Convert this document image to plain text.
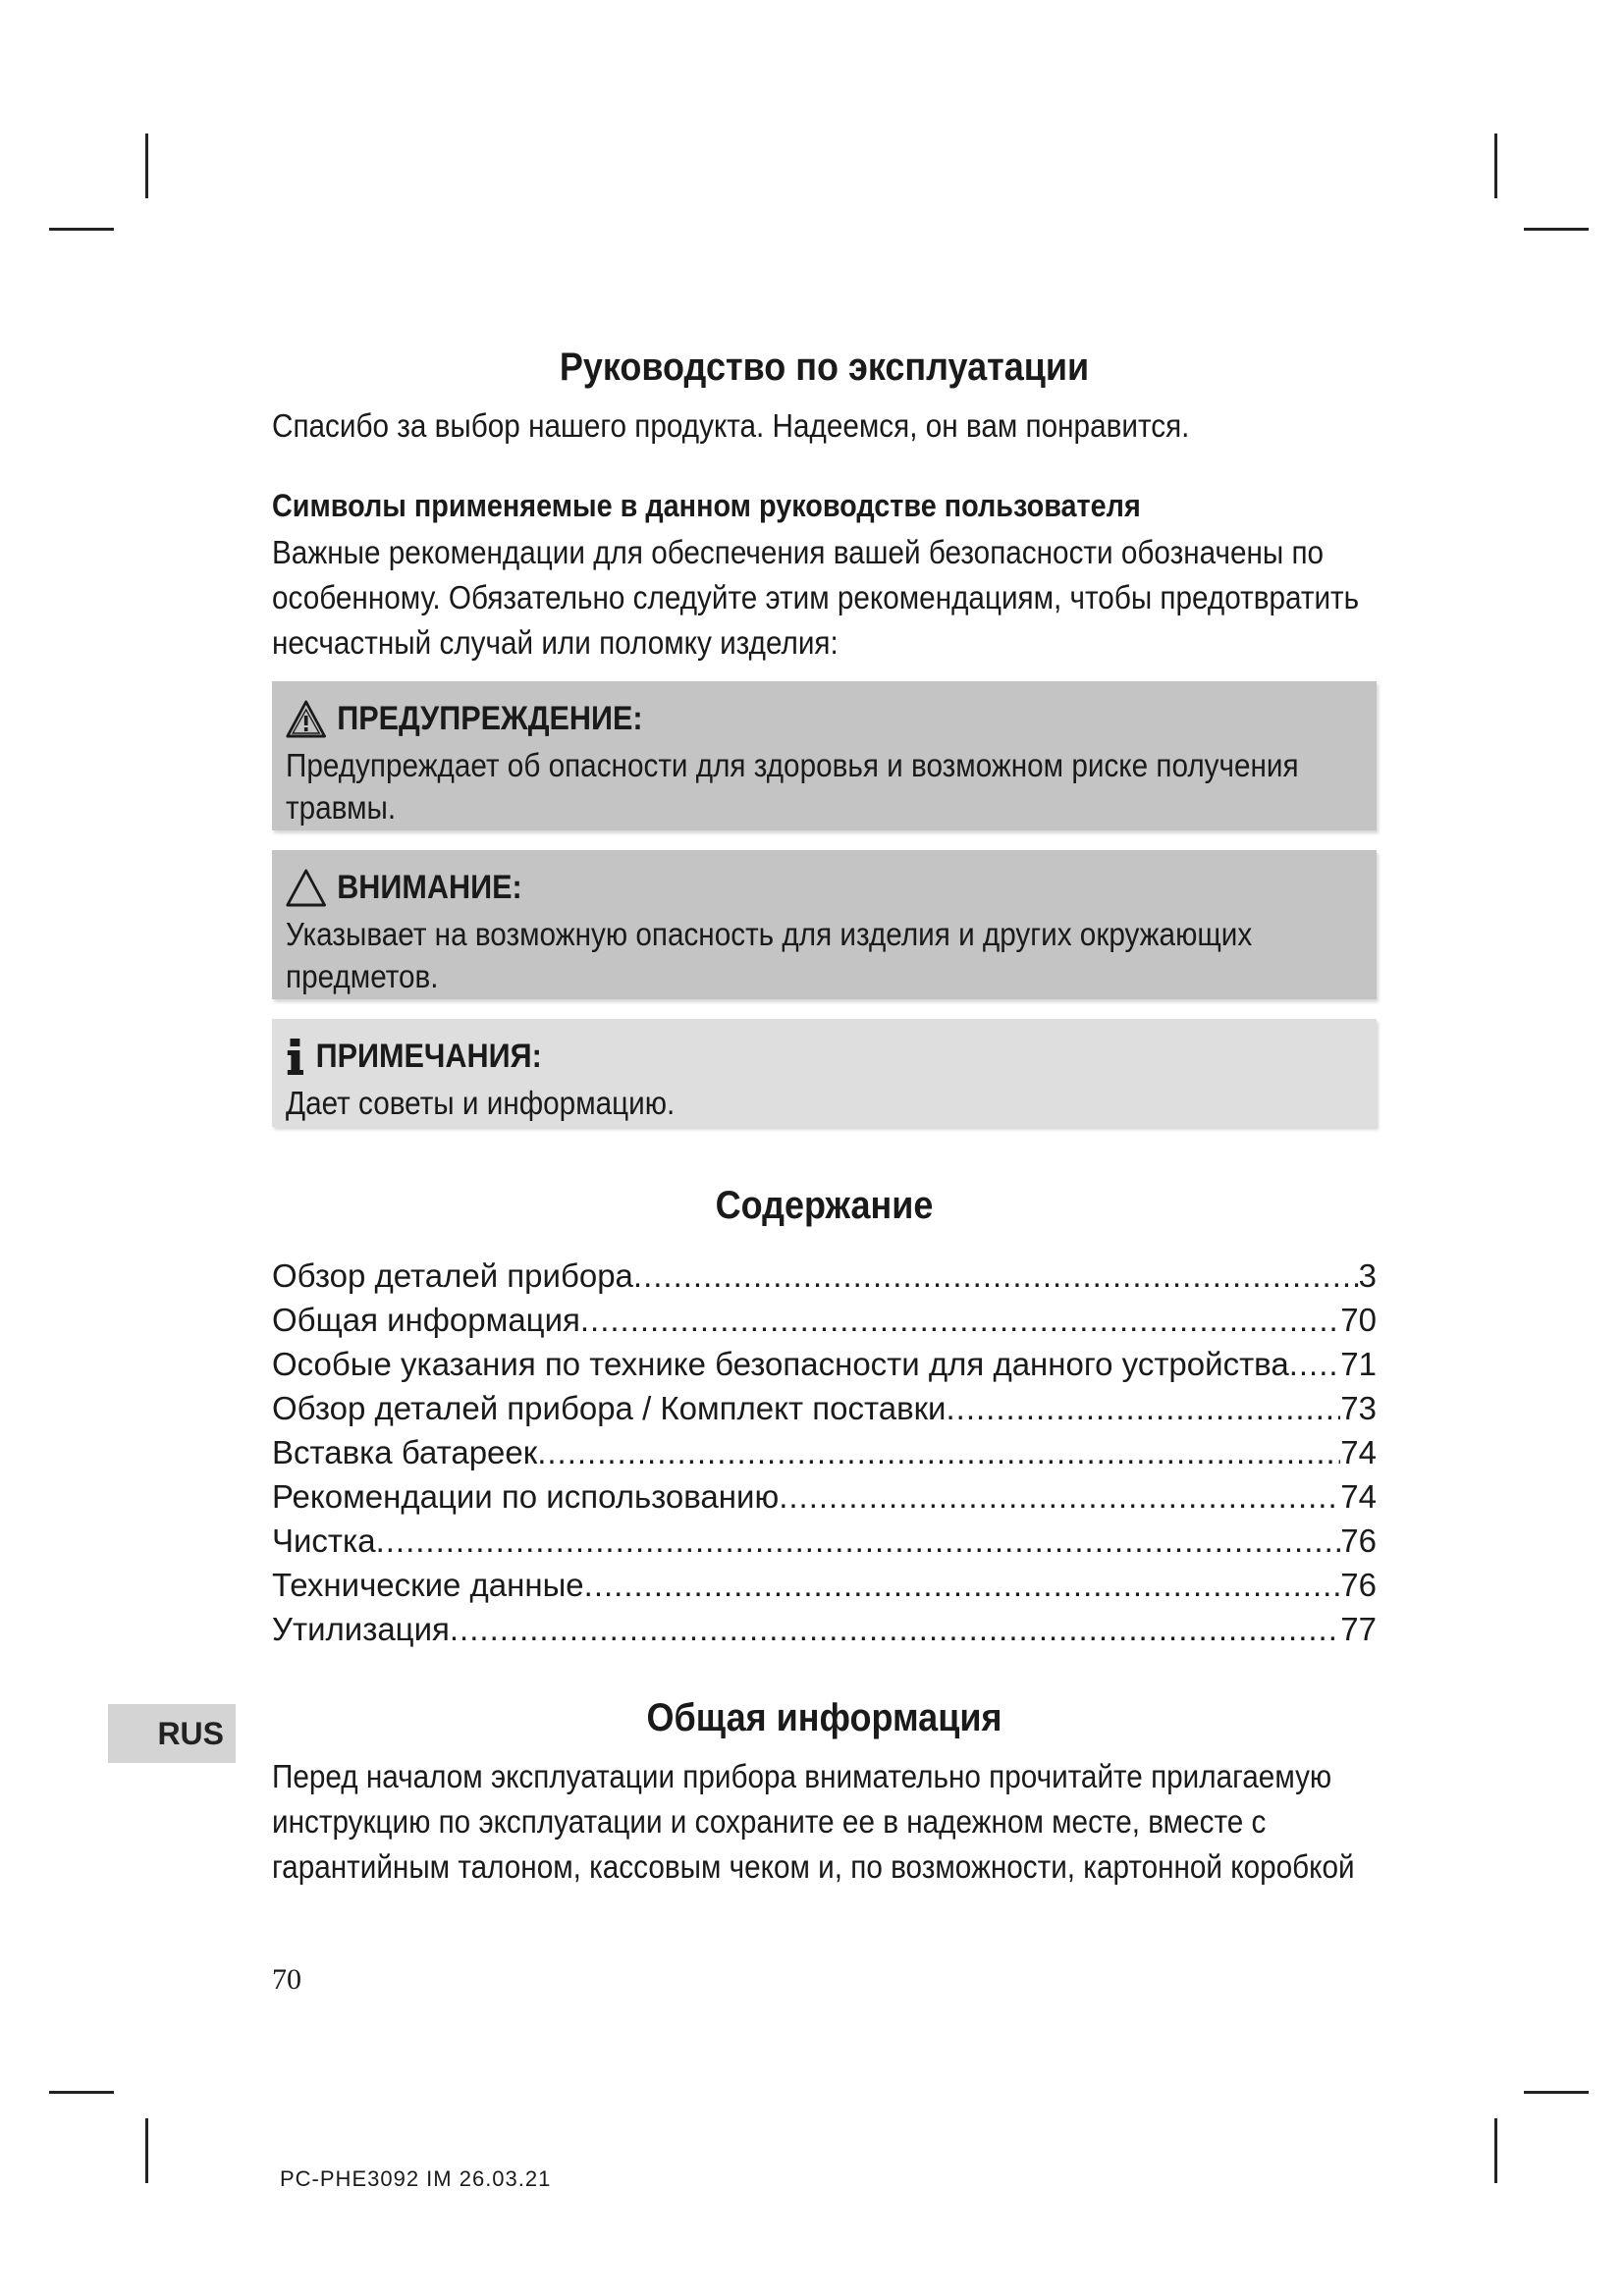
Руководство по эксплуатации

Спасибо за выбор нашего продукта. Надеемся, он вам понравится.

Символы применяемые в данном руководстве пользователя

Важные рекомендации для обеспечения вашей безопасности обозначены по

особенному. Обязательно следуйте этим рекомендациям, чтобы предотвратить

несчастный случай или поломку изделия:

ПРЕДУПРЕЖДЕНИЕ:

Предупреждает об опасности для здоровья и возможном риске получения

травмы.

ВНИМАНИЕ:

Указывает на возможную опасность для изделия и других окружающих

предметов.

ПРИМЕЧАНИЯ:

Дает советы и информацию.

Содержание
Обзор деталей прибора .....	3
Общая информация .....	70
Особые указания по технике безопасности для данного устройства ..... 71
Обзор деталей прибора / Комплект поставки .....	73
Вставка батареек .....	74
Рекомендации по использованию .....	74
Чистка .....	76
Технические данные .....	76
Утилизация .....	77
Общая информация

Перед началом эксплуатации прибора внимательно прочитайте прилагаемую

инструкцию по эксплуатации и сохраните ее в надежном месте, вместе с

гарантийным талоном, кассовым чеком и, по возможности, картонной коробкой

RUS
70
PC-PHE3092 IM 26.03.21
